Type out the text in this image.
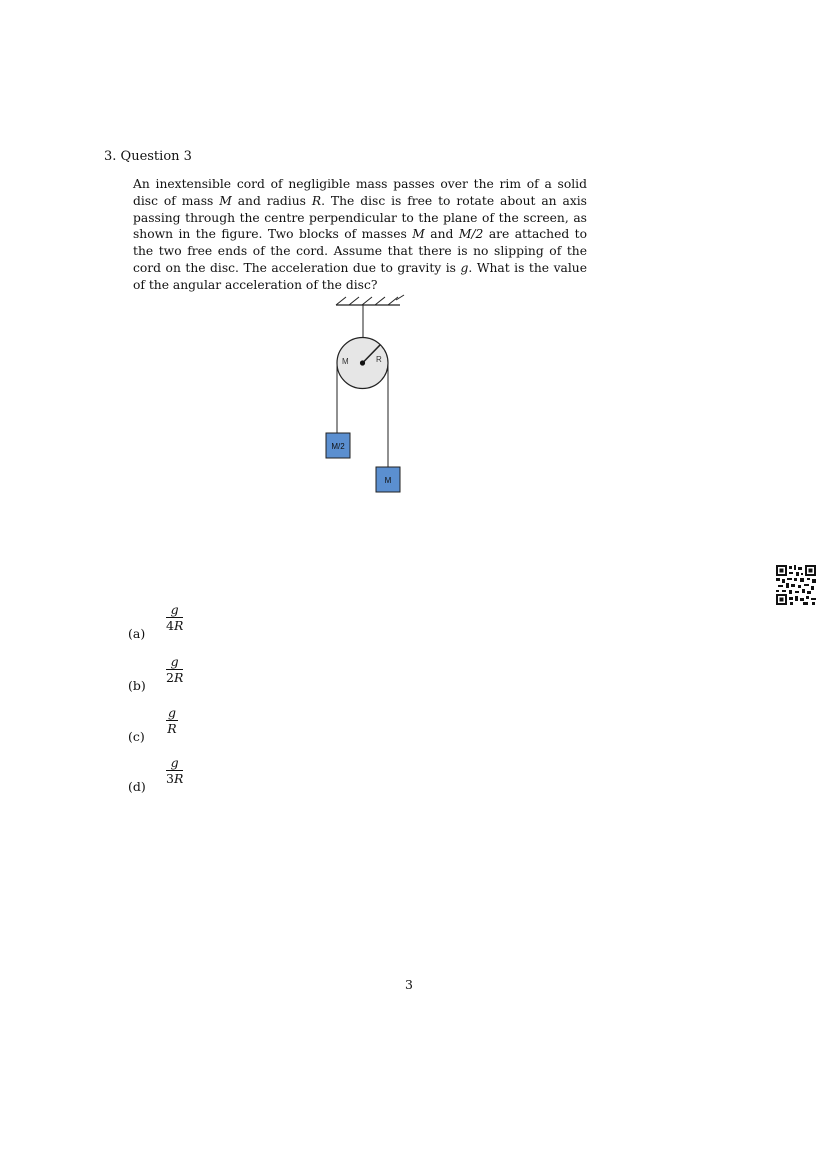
3. Question 3
An inextensible cord of negligible mass passes over the rim of a solid disc of mass M and radius R. The disc is free to rotate about an axis passing through the centre perpendicular to the plane of the screen, as shown in the figure. Two blocks of masses M and M/2 are attached to the two free ends of the cord. Assume that there is no slipping of the cord on the disc. The acceleration due to gravity is g. What is the value of the angular acceleration of the disc?
M	R
M/2
M
(a)
$\frac{g}{4R}$
(b)
$\frac{g}{2R}$
(c)
$\frac{g}{R}$
(d)
$\frac{g}{3R}$
3
